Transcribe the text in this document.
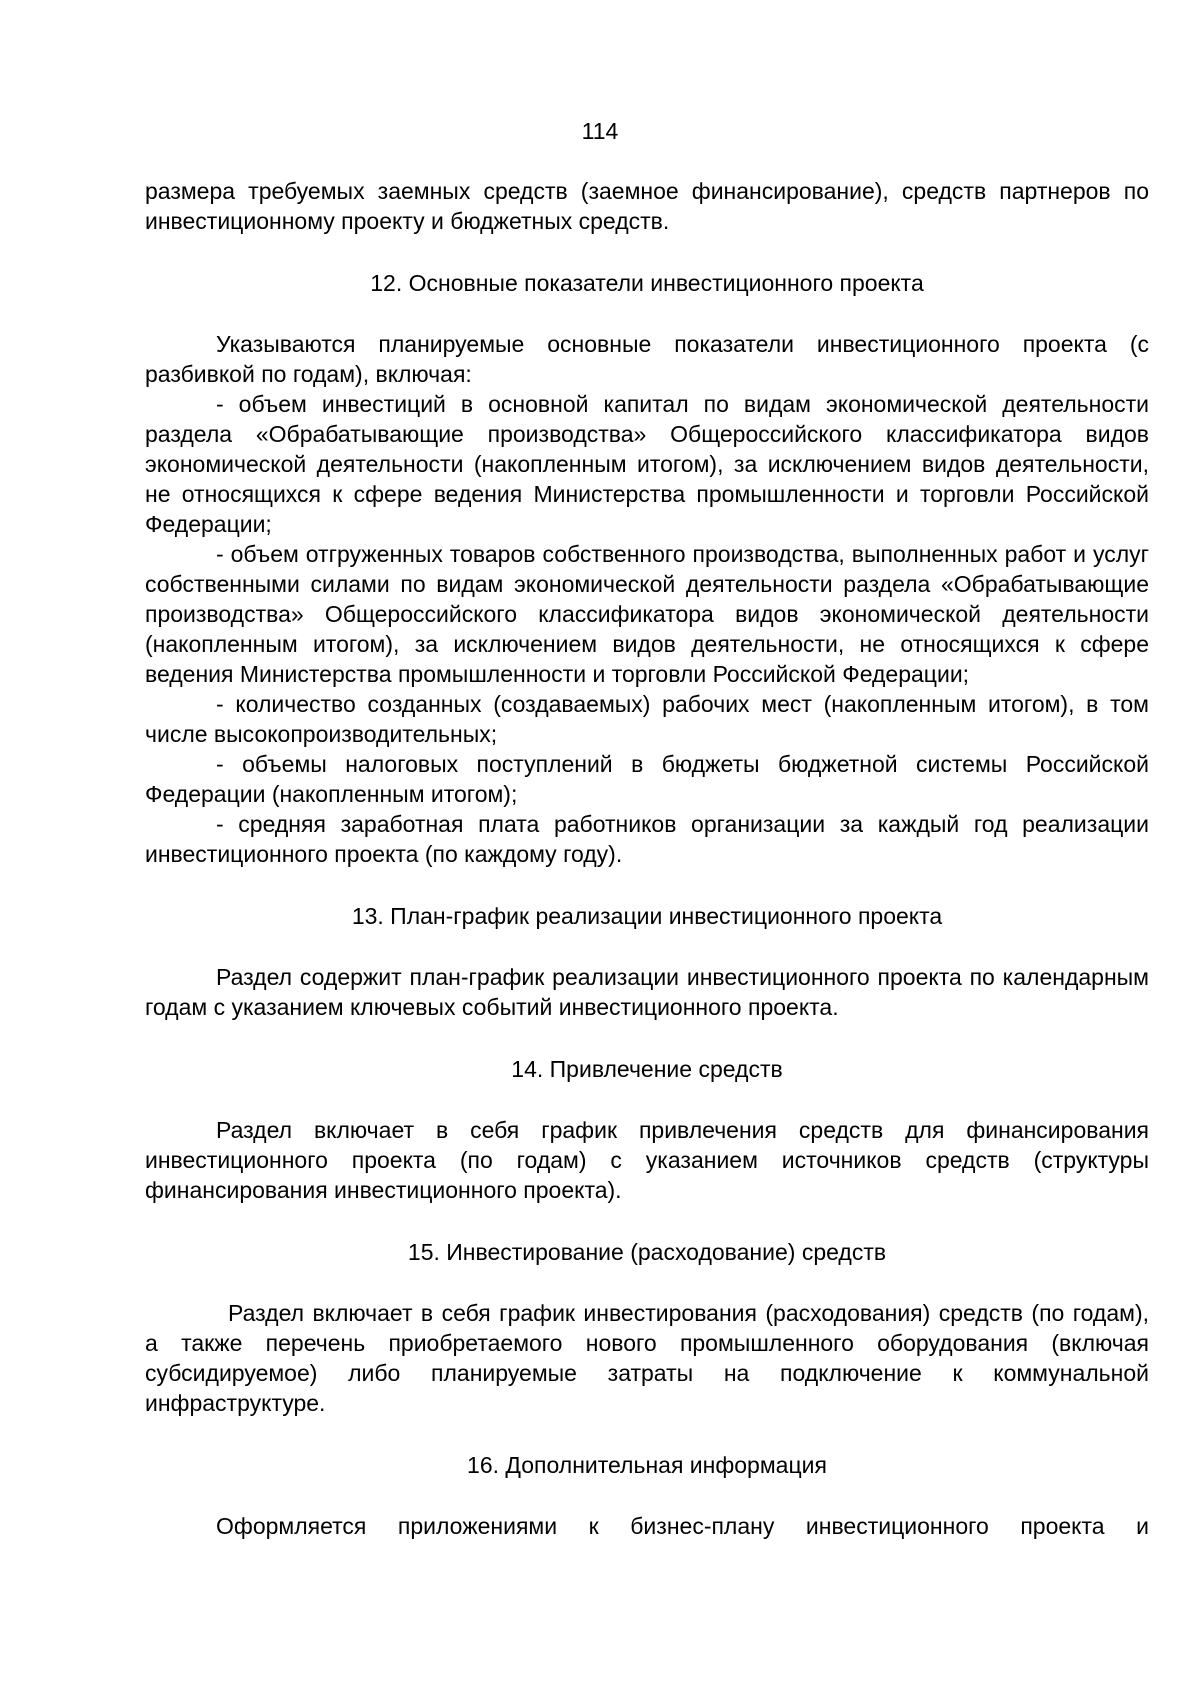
114

размера требуемых заемных средств (заемное финансирование), средств партнеров по инвестиционному проекту и бюджетных средств.

12. Основные показатели инвестиционного проекта

Указываются планируемые основные показатели инвестиционного проекта (с разбивкой по годам), включая:

- объем инвестиций в основной капитал по видам экономической деятельности раздела «Обрабатывающие производства» Общероссийского классификатора видов экономической деятельности (накопленным итогом), за исключением видов деятельности, не относящихся к сфере ведения Министерства промышленности и торговли Российской Федерации;

- объем отгруженных товаров собственного производства, выполненных работ и услуг собственными силами по видам экономической деятельности раздела «Обрабатывающие производства» Общероссийского классификатора видов экономической деятельности (накопленным итогом), за исключением видов деятельности, не относящихся к сфере ведения Министерства промышленности и торговли Российской Федерации;

- количество созданных (создаваемых) рабочих мест (накопленным итогом), в том числе высокопроизводительных;

- объемы налоговых поступлений в бюджеты бюджетной системы Российской Федерации (накопленным итогом);

- средняя заработная плата работников организации за каждый год реализации инвестиционного проекта (по каждому году).

13. План-график реализации инвестиционного проекта

Раздел содержит план-график реализации инвестиционного проекта по календарным годам с указанием ключевых событий инвестиционного проекта.

14. Привлечение средств

Раздел включает в себя график привлечения средств для финансирования инвестиционного проекта (по годам) с указанием источников средств (структуры финансирования инвестиционного проекта).

15. Инвестирование (расходование) средств

Раздел включает в себя график инвестирования (расходования) средств (по годам), а также перечень приобретаемого нового промышленного оборудования (включая субсидируемое) либо планируемые затраты на подключение к коммунальной инфраструктуре.

16. Дополнительная информация

Оформляется приложениями к бизнес-плану инвестиционного проекта и
